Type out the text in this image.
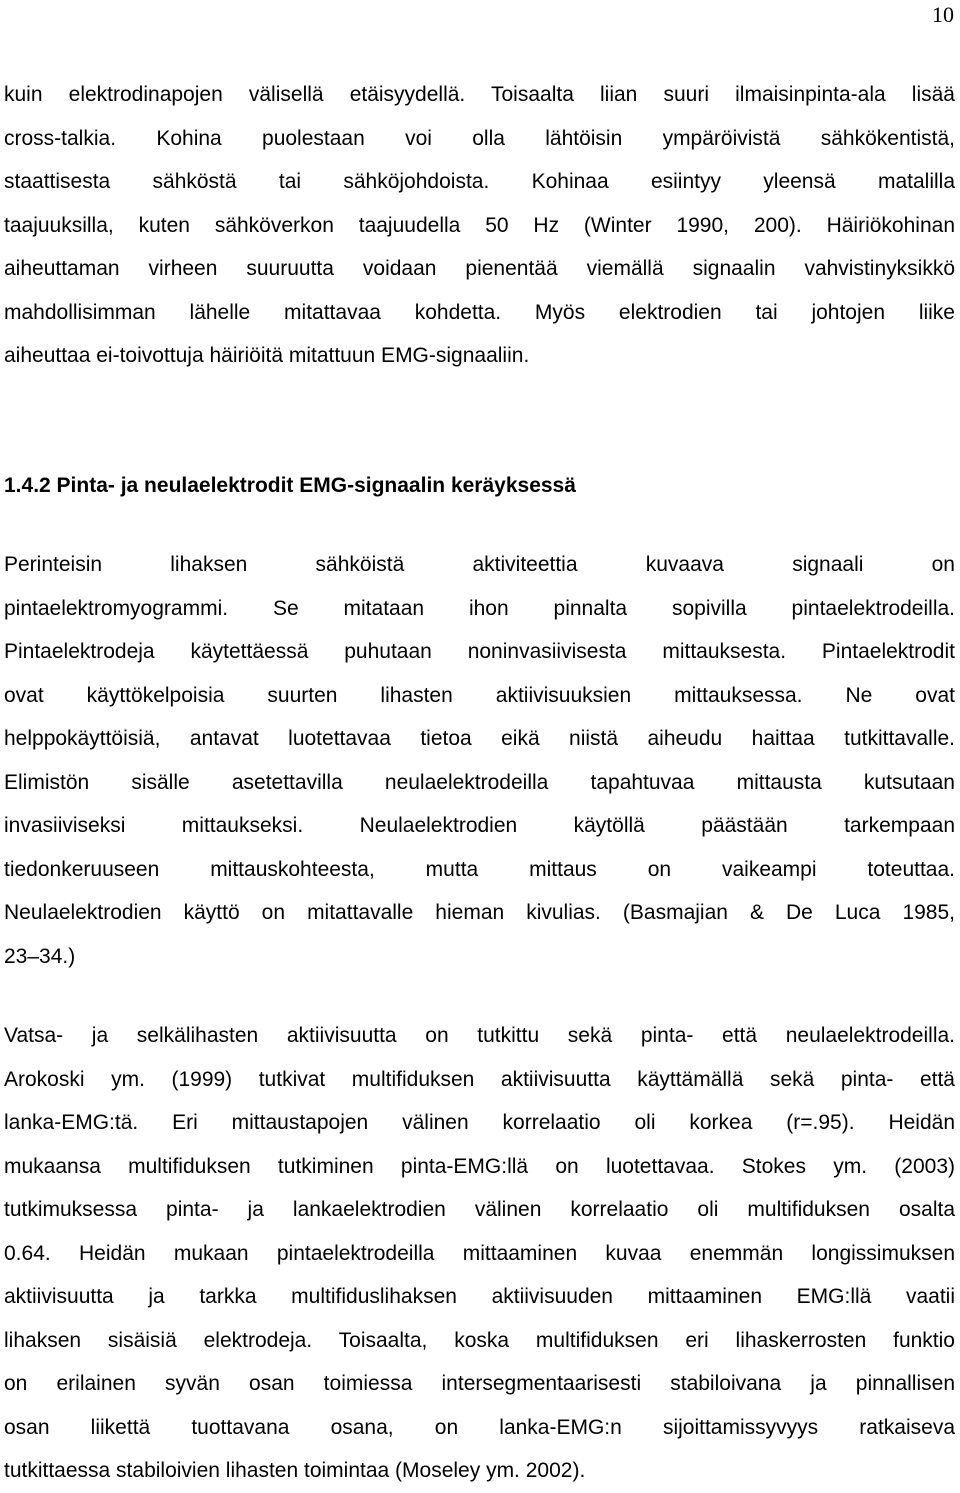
10
kuin elektrodinapojen välisellä etäisyydellä. Toisaalta liian suuri ilmaisinpinta-ala lisää
cross-talkia. Kohina puolestaan voi olla lähtöisin ympäröivistä sähkökentistä,
staattisesta sähköstä tai sähköjohdoista. Kohinaa esiintyy yleensä matalilla
taajuuksilla, kuten sähköverkon taajuudella 50 Hz (Winter 1990, 200). Häiriökohinan
aiheuttaman virheen suuruutta voidaan pienentää viemällä signaalin vahvistinyksikkö
mahdollisimman lähelle mitattavaa kohdetta. Myös elektrodien tai johtojen liike
aiheuttaa ei-toivottuja häiriöitä mitattuun EMG-signaaliin.
1.4.2 Pinta- ja neulaelektrodit EMG-signaalin keräyksessä
Perinteisin lihaksen sähköistä aktiviteettia kuvaava signaali on
pintaelektromyogrammi. Se mitataan ihon pinnalta sopivilla pintaelektrodeilla.
Pintaelektrodeja käytettäessä puhutaan noninvasiivisesta mittauksesta. Pintaelektrodit
ovat käyttökelpoisia suurten lihasten aktiivisuuksien mittauksessa. Ne ovat
helppokäyttöisiä, antavat luotettavaa tietoa eikä niistä aiheudu haittaa tutkittavalle.
Elimistön sisälle asetettavilla neulaelektrodeilla tapahtuvaa mittausta kutsutaan
invasiiviseksi mittaukseksi. Neulaelektrodien käytöllä päästään tarkempaan
tiedonkeruuseen mittauskohteesta, mutta mittaus on vaikeampi toteuttaa.
Neulaelektrodien käyttö on mitattavalle hieman kivulias. (Basmajian & De Luca 1985,
23–34.)
Vatsa- ja selkälihasten aktiivisuutta on tutkittu sekä pinta- että neulaelektrodeilla.
Arokoski ym. (1999) tutkivat multifiduksen aktiivisuutta käyttämällä sekä pinta- että
lanka-EMG:tä. Eri mittaustapojen välinen korrelaatio oli korkea (r=.95). Heidän
mukaansa multifiduksen tutkiminen pinta-EMG:llä on luotettavaa. Stokes ym. (2003)
tutkimuksessa pinta- ja lankaelektrodien välinen korrelaatio oli multifiduksen osalta
0.64. Heidän mukaan pintaelektrodeilla mittaaminen kuvaa enemmän longissimuksen
aktiivisuutta ja tarkka multifiduslihaksen aktiivisuuden mittaaminen EMG:llä vaatii
lihaksen sisäisiä elektrodeja. Toisaalta, koska multifiduksen eri lihaskerrosten funktio
on erilainen syvän osan toimiessa intersegmentaarisesti stabiloivana ja pinnallisen
osan liikettä tuottavana osana, on lanka-EMG:n sijoittamissyvyys ratkaiseva
tutkittaessa stabiloivien lihasten toimintaa (Moseley ym. 2002).
